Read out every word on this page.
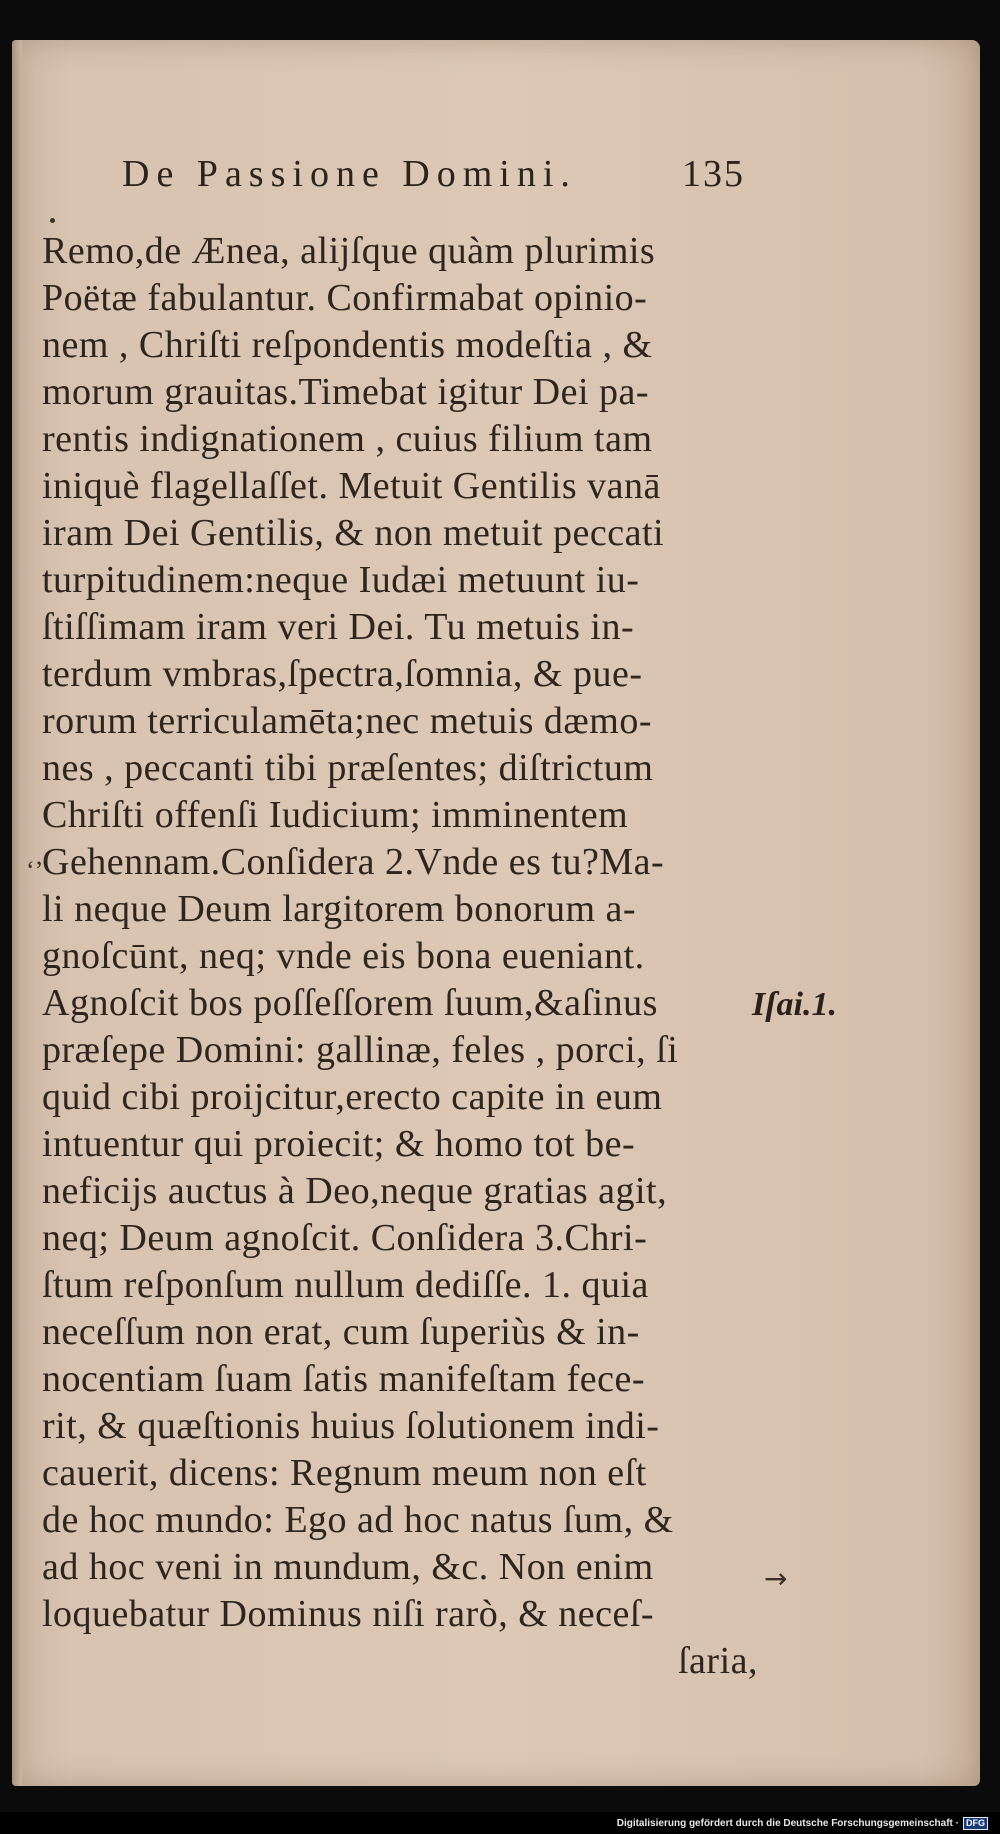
De Passione Domini.	135
Remo,de Ænea, alijſque quàm plurimis
Poëtæ fabulantur. Confirmabat opinio-
nem , Chriſti reſpondentis modeſtia , &
morum grauitas.Timebat igitur Dei pa-
rentis indignationem , cuius filium tam
iniquè flagellaſſet. Metuit Gentilis vanā
iram Dei Gentilis, & non metuit peccati
turpitudinem:neque Iudæi metuunt iu-
ſtiſſimam iram veri Dei. Tu metuis in-
terdum vmbras,ſpectra,ſomnia, & pue-
rorum terriculamēta;nec metuis dæmo-
nes , peccanti tibi præſentes; diſtrictum
Chriſti offenſi Iudicium; imminentem
Gehennam.Conſidera 2.Vnde es tu?Ma-
li neque Deum largitorem bonorum a-
gnoſcūnt, neq; vnde eis bona eueniant.
Agnoſcit bos poſſeſſorem ſuum,&aſinus
præſepe Domini: gallinæ, feles , porci, ſi
quid cibi proijcitur,erecto capite in eum
intuentur qui proiecit; & homo tot be-
neficijs auctus à Deo,neque gratias agit,
neq; Deum agnoſcit. Conſidera 3.Chri-
ſtum reſponſum nullum dediſſe. 1. quia
neceſſum non erat, cum ſuperiùs & in-
nocentiam ſuam ſatis manifeſtam fece-
rit, & quæſtionis huius ſolutionem indi-
cauerit, dicens: Regnum meum non eſt
de hoc mundo: Ego ad hoc natus ſum, &
ad hoc veni in mundum, &c. Non enim
loquebatur Dominus niſi rarò, & neceſ-
ſaria,
‘’
Iſai.1.
→
Digitalisierung gefördert durch die Deutsche Forschungsgemeinschaft · DFG
